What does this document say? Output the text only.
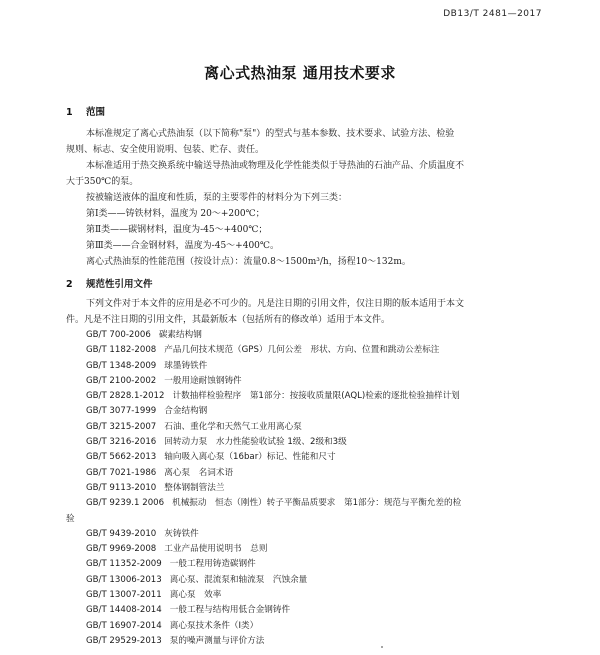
DB13/T 2481—2017
离心式热油泵 通用技术要求
1 范围

本标准规定了离心式热油泵（以下简称"泵"）的型式与基本参数、技术要求、试验方法、检验

规则、标志、安全使用说明、包装、贮存、责任。

本标准适用于热交换系统中输送导热油或物理及化学性能类似于导热油的石油产品、介质温度不

大于350℃的泵。

按被输送液体的温度和性质，泵的主要零件的材料分为下列三类：

第Ⅰ类——铸铁材料，温度为 20～+200℃；

第Ⅱ类——碳钢材料，温度为-45～+400℃；

第Ⅲ类——合金钢材料，温度为-45～+400℃。

离心式热油泵的性能范围（按设计点）：流量0.8～1500m³/h，扬程10～132m。

2 规范性引用文件

下列文件对于本文件的应用是必不可少的。凡是注日期的引用文件，仅注日期的版本适用于本文

件。凡是不注日期的引用文件，其最新版本（包括所有的修改单）适用于本文件。

GB/T 700-2006 碳素结构钢
GB/T 1182-2008 产品几何技术规范（GPS）几何公差　形状、方向、位置和跳动公差标注
GB/T 1348-2009 球墨铸铁件
GB/T 2100-2002 一般用途耐蚀钢铸件
GB/T 2828.1-2012 计数抽样检验程序　第1部分：按接收质量限(AQL)检索的逐批检验抽样计划
GB/T 3077-1999 合金结构钢
GB/T 3215-2007 石油、重化学和天然气工业用离心泵
GB/T 3216-2016 回转动力泵　水力性能验收试验 1级、2级和3级
GB/T 5662-2013 轴向吸入离心泵（16bar）标记、性能和尺寸
GB/T 7021-1986 离心泵　名词术语
GB/T 9113-2010 整体钢制管法兰
GB/T 9239.1 2006 机械振动　恒态（刚性）转子平衡品质要求　第1部分：规范与平衡允差的检
验
GB/T 9439-2010 灰铸铁件
GB/T 9969-2008 工业产品使用说明书　总则
GB/T 11352-2009 一般工程用铸造碳钢件
GB/T 13006-2013 离心泵、混流泵和轴流泵　汽蚀余量
GB/T 13007-2011 离心泵　效率
GB/T 14408-2014 一般工程与结构用低合金钢铸件
GB/T 16907-2014 离心泵技术条件（Ⅰ类）
GB/T 29529-2013 泵的噪声测量与评价方法
